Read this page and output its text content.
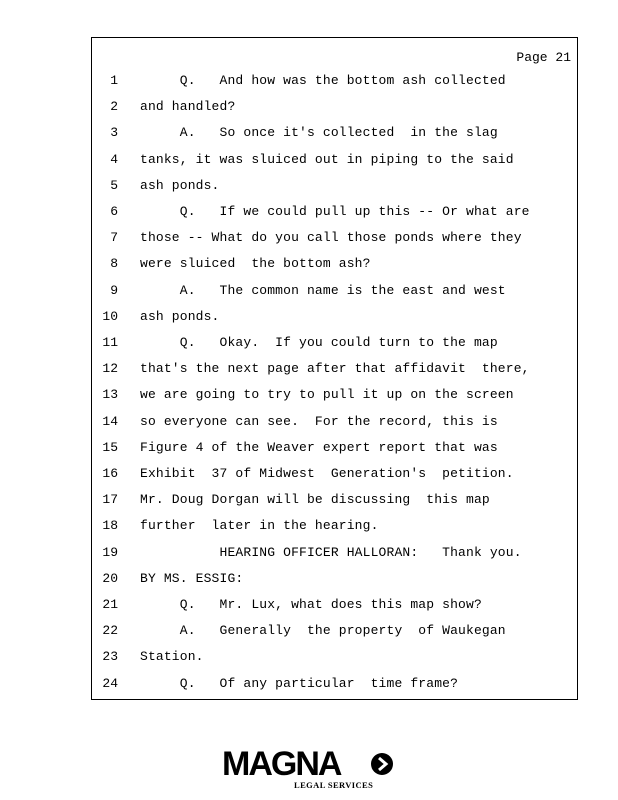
Page 21
1 Q.   And how was the bottom ash collected
2 and handled?
3 A.   So once it's collected  in the slag
4 tanks, it was sluiced out in piping to the said
5 ash ponds.
6 Q.   If we could pull up this -- Or what are
7 those -- What do you call those ponds where they
8 were sluiced  the bottom ash?
9 A.   The common name is the east and west
10 ash ponds.
11 Q.   Okay.  If you could turn to the map
12 that's the next page after that affidavit  there,
13 we are going to try to pull it up on the screen
14 so everyone can see.  For the record, this is
15 Figure 4 of the Weaver expert report that was
16 Exhibit  37 of Midwest  Generation's  petition.
17 Mr. Doug Dorgan will be discussing  this map
18 further  later in the hearing.
19 HEARING OFFICER HALLORAN:   Thank you.
20 BY MS. ESSIG:
21 Q.   Mr. Lux, what does this map show?
22 A.   Generally  the property  of Waukegan
23 Station.
24 Q.   Of any particular  time frame?
MAGNA
LEGAL SERVICES
